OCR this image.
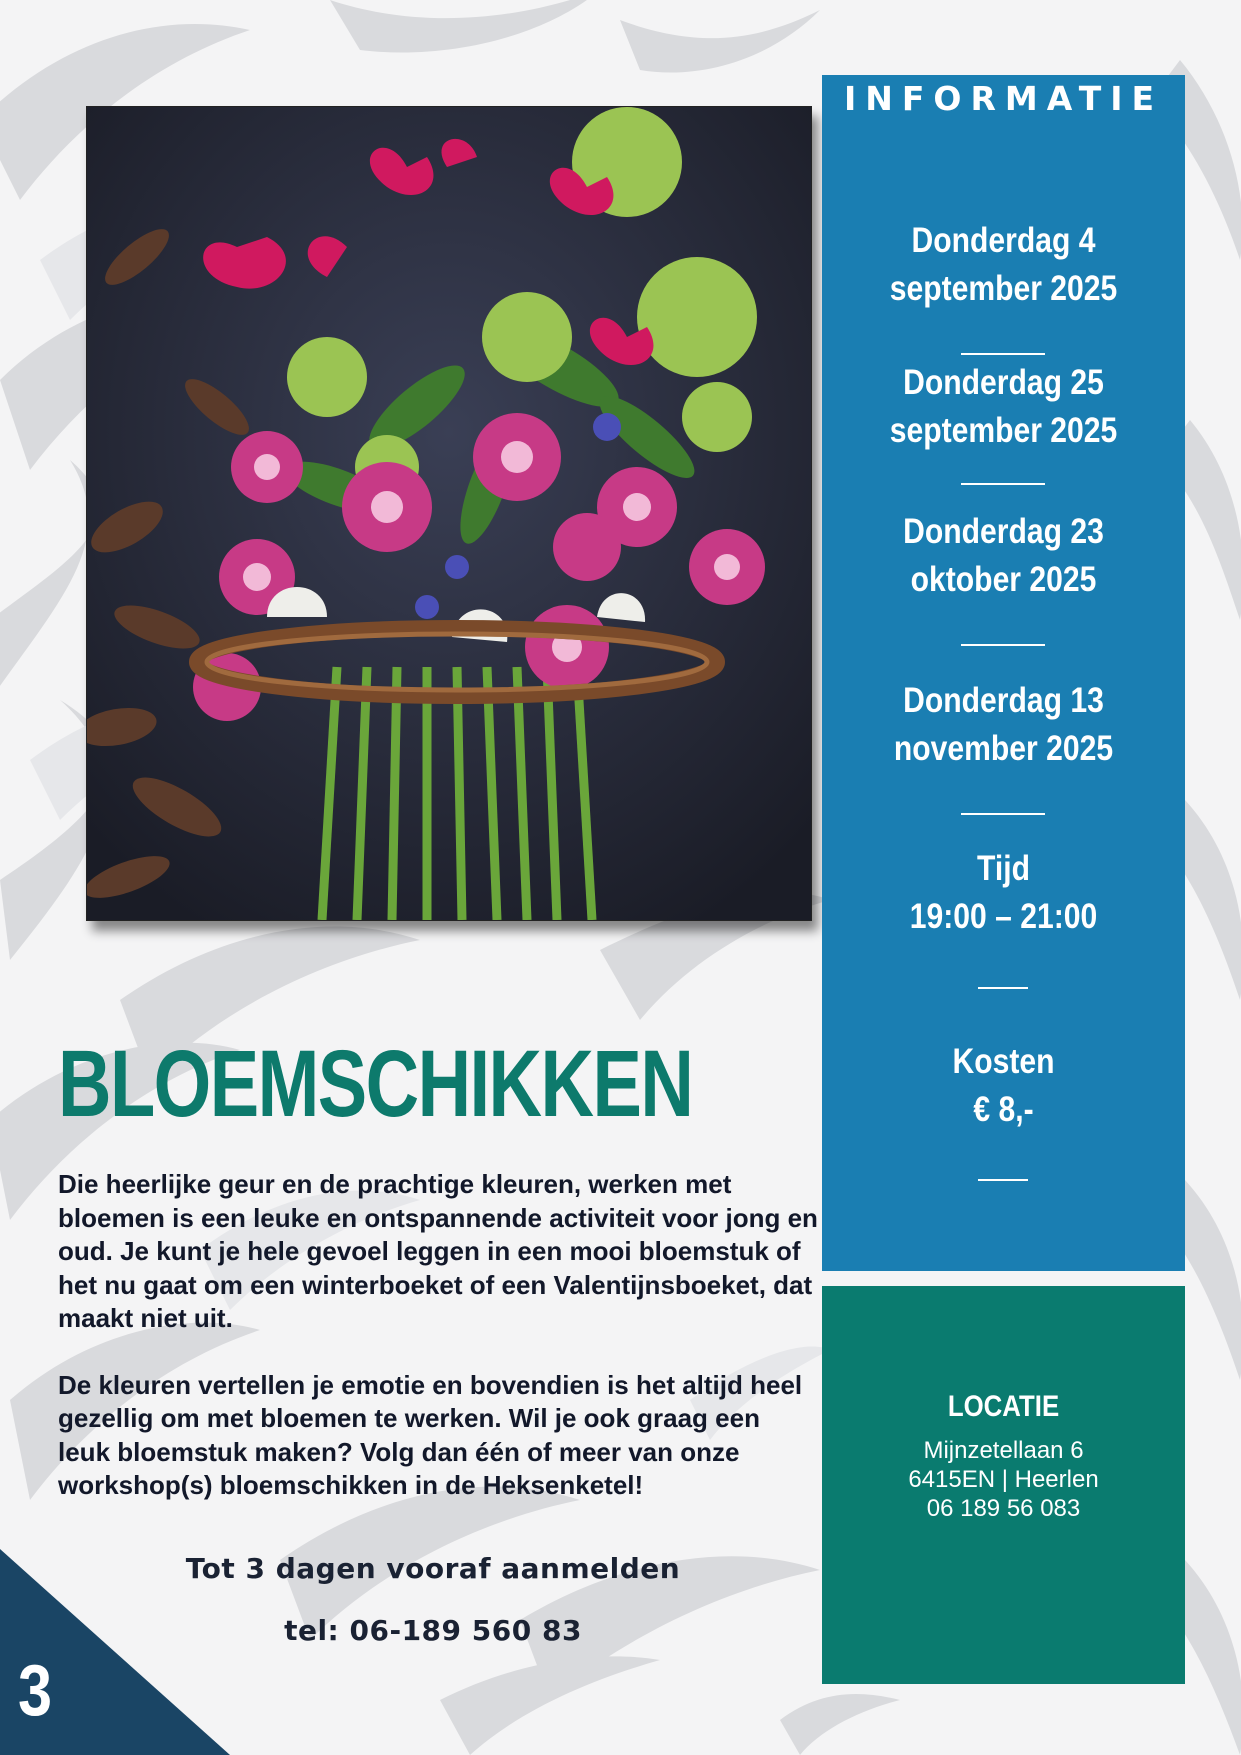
BLOEMSCHIKKEN

Die heerlijke geur en de prachtige kleuren, werken met bloemen is een leuke en ontspannende activiteit voor jong en oud. Je kunt je hele gevoel leggen in een mooi bloemstuk of het nu gaat om een winterboeket of een Valentijnsboeket, dat maakt niet uit.

De kleuren vertellen je emotie en bovendien is het altijd heel gezellig om met bloemen te werken. Wil je ook graag een leuk bloemstuk maken? Volg dan één of meer van onze workshop(s) bloemschikken in de Heksenketel!

Tot 3 dagen vooraf aanmelden
tel: 06-189 560 83
3
INFORMATIE
Donderdag 4
september 2025
Donderdag 25
september 2025
Donderdag 23
oktober 2025
Donderdag 13
november 2025
Tijd
19:00 – 21:00
Kosten
€ 8,-
LOCATIE
Mijnzetellaan 6
6415EN | Heerlen
06 189 56 083
